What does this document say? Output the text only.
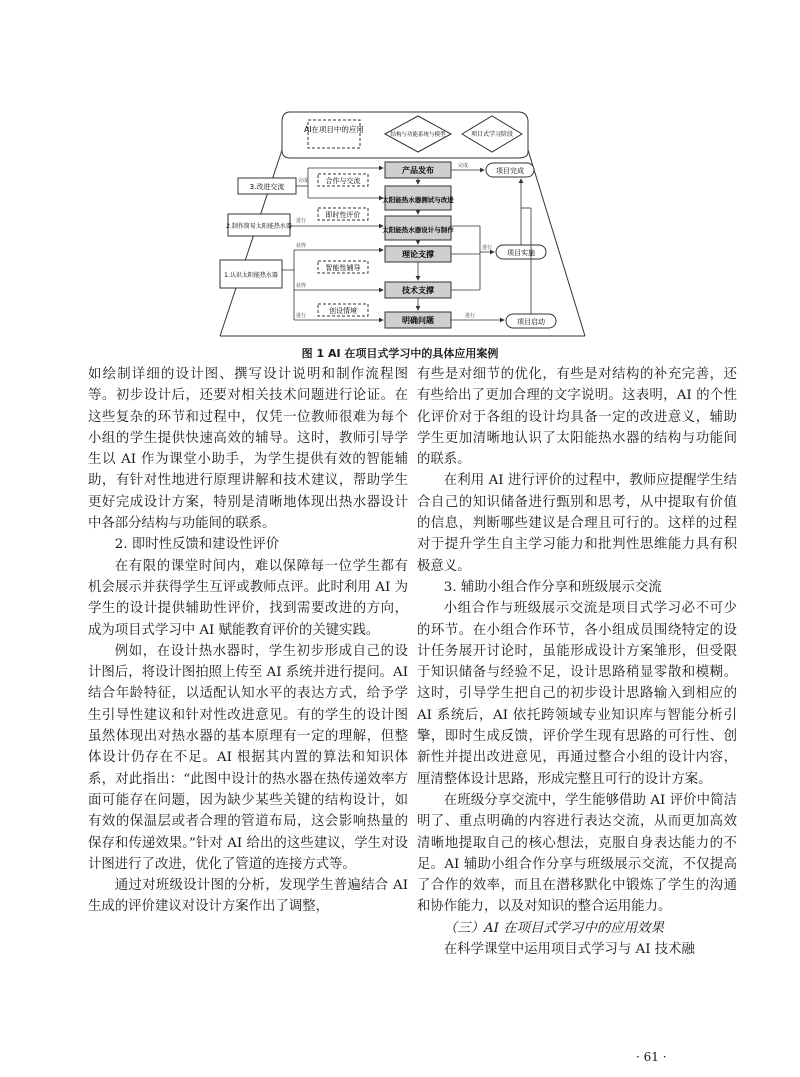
AI在项目中的应用
结构与功能系统与模型	项目式学习阶段
产品发布
太阳能热水器测试与改进
太阳能热水器设计与制作
理论支撑
技术支撑
明确问题
合作与交流
即时性评价
智能性辅导
创设情境
3.改进交流
2.制作简易太阳能热水器
1.认识太阳能热水器
项目完成
项目实施
项目启动
完成
完成
进行
获得
获得
进行
进行
进行
图 1 AI 在项目式学习中的具体应用案例

如绘制详细的设计图、撰写设计说明和制作流程图等。初步设计后，还要对相关技术问题进行论证。在这些复杂的环节和过程中，仅凭一位教师很难为每个小组的学生提供快速高效的辅导。这时，教师引导学生以 AI 作为课堂小助手，为学生提供有效的智能辅助，有针对性地进行原理讲解和技术建议，帮助学生更好完成设计方案，特别是清晰地体现出热水器设计中各部分结构与功能间的联系。

2. 即时性反馈和建设性评价

在有限的课堂时间内，难以保障每一位学生都有机会展示并获得学生互评或教师点评。此时利用 AI 为学生的设计提供辅助性评价，找到需要改进的方向，成为项目式学习中 AI 赋能教育评价的关键实践。

例如，在设计热水器时，学生初步形成自己的设计图后，将设计图拍照上传至 AI 系统并进行提问。AI 结合年龄特征，以适配认知水平的表达方式，给予学生引导性建议和针对性改进意见。有的学生的设计图虽然体现出对热水器的基本原理有一定的理解，但整体设计仍存在不足。AI 根据其内置的算法和知识体系，对此指出：“此图中设计的热水器在热传递效率方面可能存在问题，因为缺少某些关键的结构设计，如有效的保温层或者合理的管道布局，这会影响热量的保存和传递效果。”针对 AI 给出的这些建议，学生对设计图进行了改进，优化了管道的连接方式等。

通过对班级设计图的分析，发现学生普遍结合 AI 生成的评价建议对设计方案作出了调整，

有些是对细节的优化，有些是对结构的补充完善，还有些给出了更加合理的文字说明。这表明，AI 的个性化评价对于各组的设计均具备一定的改进意义，辅助学生更加清晰地认识了太阳能热水器的结构与功能间的联系。

在利用 AI 进行评价的过程中，教师应提醒学生结合自己的知识储备进行甄别和思考，从中提取有价值的信息，判断哪些建议是合理且可行的。这样的过程对于提升学生自主学习能力和批判性思维能力具有积极意义。

3. 辅助小组合作分享和班级展示交流

小组合作与班级展示交流是项目式学习必不可少的环节。在小组合作环节，各小组成员围绕特定的设计任务展开讨论时，虽能形成设计方案雏形，但受限于知识储备与经验不足，设计思路稍显零散和模糊。这时，引导学生把自己的初步设计思路输入到相应的 AI 系统后，AI 依托跨领域专业知识库与智能分析引擎，即时生成反馈，评价学生现有思路的可行性、创新性并提出改进意见，再通过整合小组的设计内容，厘清整体设计思路，形成完整且可行的设计方案。

在班级分享交流中，学生能够借助 AI 评价中简洁明了、重点明确的内容进行表达交流，从而更加高效清晰地提取自己的核心想法，克服自身表达能力的不足。AI 辅助小组合作分享与班级展示交流，不仅提高了合作的效率，而且在潜移默化中锻炼了学生的沟通和协作能力，以及对知识的整合运用能力。

（三）AI 在项目式学习中的应用效果

在科学课堂中运用项目式学习与 AI 技术融

· 61 ·
